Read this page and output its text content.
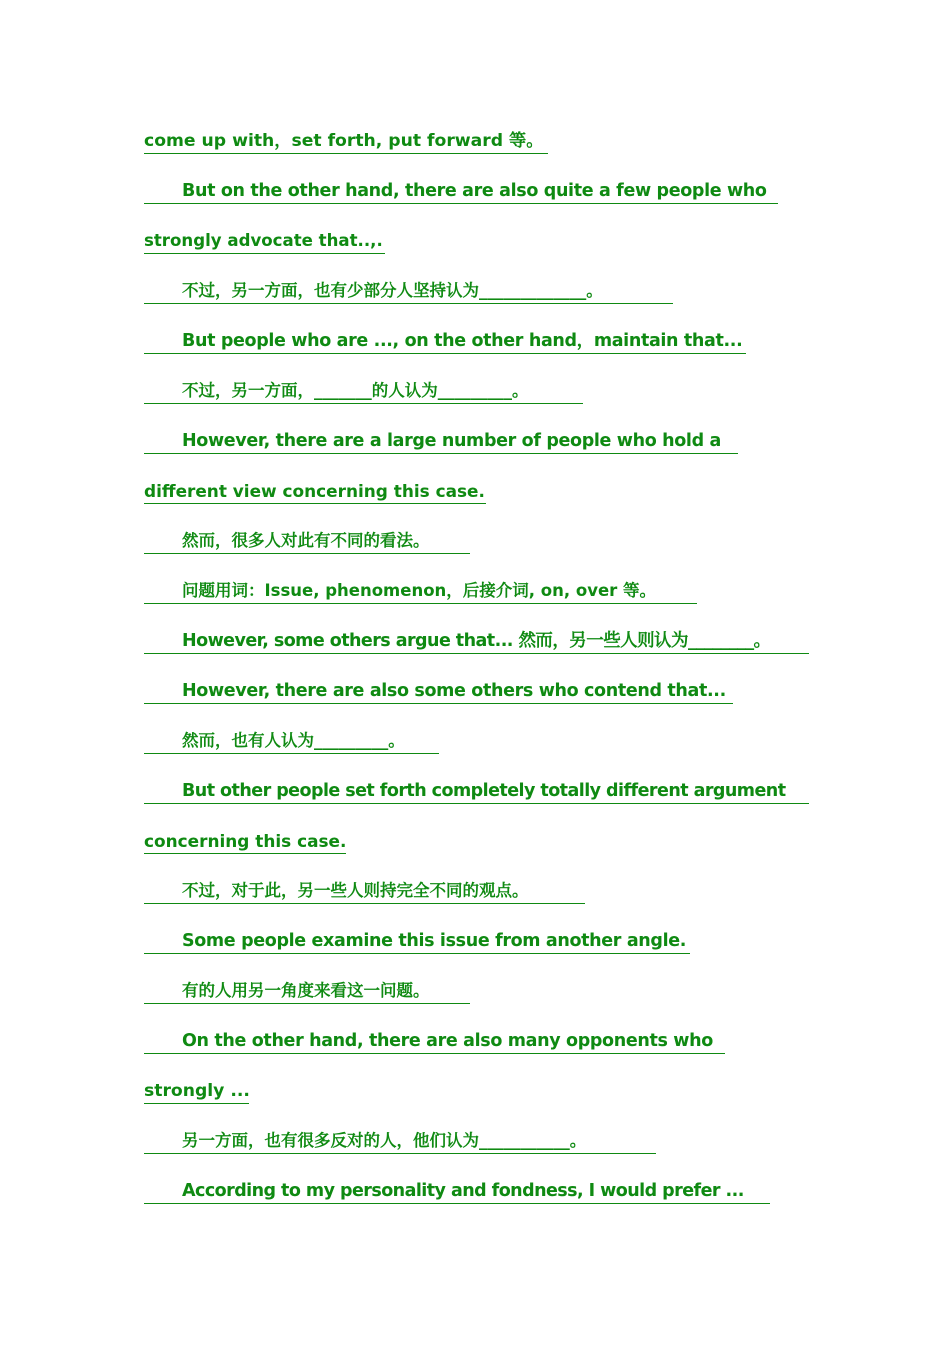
come up with，set forth, put forward 等。
But on the other hand, there are also quite a few people who
strongly advocate that..,.
不过，另一方面，也有少部分人坚持认为_____________。
But people who are ..., on the other hand，maintain that...
不过，另一方面，_______的人认为_________。
However, there are a large number of people who hold a
different view concerning this case.
然而，很多人对此有不同的看法。
问题用词：Issue, phenomenon，后接介词, on, over 等。
However, some others argue that... 然而，另一些人则认为________。
However, there are also some others who contend that...
然而，也有人认为_________。
But other people set forth completely totally different argument
concerning this case.
不过，对于此，另一些人则持完全不同的观点。
Some people examine this issue from another angle.
有的人用另一角度来看这一问题。
On the other hand, there are also many opponents who
strongly ...
另一方面，也有很多反对的人，他们认为___________。
According to my personality and fondness, I would prefer ...
